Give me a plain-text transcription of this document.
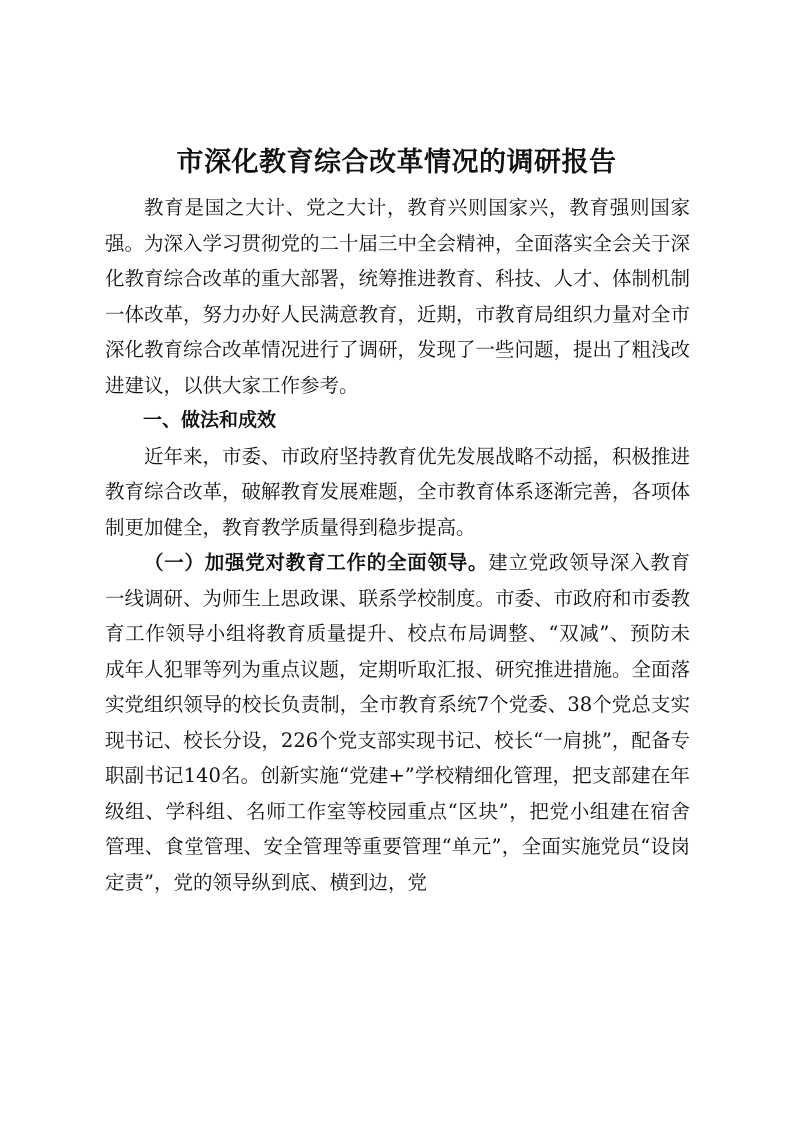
市深化教育综合改革情况的调研报告

教育是国之大计、党之大计，教育兴则国家兴，教育强则国家强。为深入学习贯彻党的二十届三中全会精神，全面落实全会关于深化教育综合改革的重大部署，统筹推进教育、科技、人才、体制机制一体改革，努力办好人民满意教育，近期，市教育局组织力量对全市深化教育综合改革情况进行了调研，发现了一些问题，提出了粗浅改进建议，以供大家工作参考。

一、做法和成效

近年来，市委、市政府坚持教育优先发展战略不动摇，积极推进教育综合改革，破解教育发展难题，全市教育体系逐渐完善，各项体制更加健全，教育教学质量得到稳步提高。

（一）加强党对教育工作的全面领导。建立党政领导深入教育一线调研、为师生上思政课、联系学校制度。市委、市政府和市委教育工作领导小组将教育质量提升、校点布局调整、“双减”、预防未成年人犯罪等列为重点议题，定期听取汇报、研究推进措施。全面落实党组织领导的校长负责制，全市教育系统7个党委、38个党总支实现书记、校长分设，226个党支部实现书记、校长“一肩挑”，配备专职副书记140名。创新实施“党建+”学校精细化管理，把支部建在年级组、学科组、名师工作室等校园重点“区块”，把党小组建在宿舍管理、食堂管理、安全管理等重要管理“单元”，全面实施党员“设岗定责”，党的领导纵到底、横到边，党
